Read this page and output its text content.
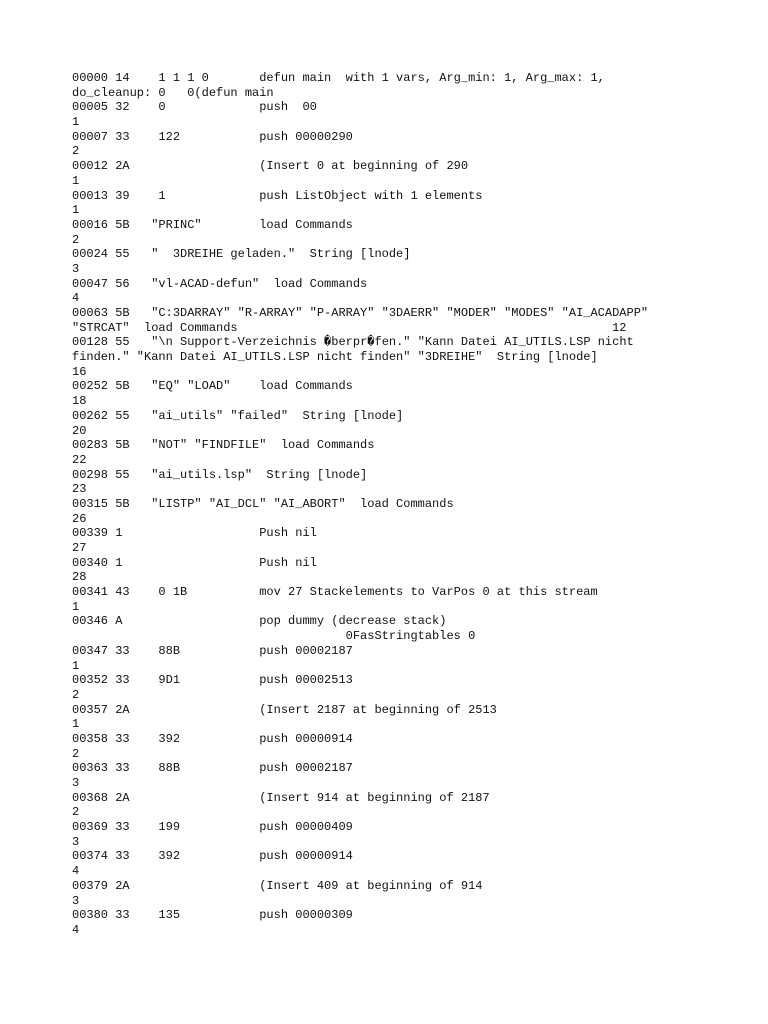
00000 14    1 1 1 0       defun main  with 1 vars, Arg_min: 1, Arg_max: 1,
do_cleanup: 0   0(defun main
00005 32    0             push  00
1
00007 33    122           push 00000290
2
00012 2A                  (Insert 0 at beginning of 290
1
00013 39    1             push ListObject with 1 elements
1
00016 5B   "PRINC"        load Commands
2
00024 55   "  3DREIHE geladen."  String [lnode]
3
00047 56   "vl-ACAD-defun"  load Commands
4
00063 5B   "C:3DARRAY" "R-ARRAY" "P-ARRAY" "3DAERR" "MODER" "MODES" "AI_ACADAPP"
"STRCAT"  load Commands                                                    12
00128 55   "\n Support-Verzeichnis �berpr�fen." "Kann Datei AI_UTILS.LSP nicht
finden." "Kann Datei AI_UTILS.LSP nicht finden" "3DREIHE"  String [lnode]
16
00252 5B   "EQ" "LOAD"    load Commands
18
00262 55   "ai_utils" "failed"  String [lnode]
20
00283 5B   "NOT" "FINDFILE"  load Commands
22
00298 55   "ai_utils.lsp"  String [lnode]
23
00315 5B   "LISTP" "AI_DCL" "AI_ABORT"  load Commands
26
00339 1                   Push nil
27
00340 1                   Push nil
28
00341 43    0 1B          mov 27 Stackelements to VarPos 0 at this stream
1
00346 A                   pop dummy (decrease stack)
0FasStringtables 0
00347 33    88B           push 00002187
1
00352 33    9D1           push 00002513
2
00357 2A                  (Insert 2187 at beginning of 2513
1
00358 33    392           push 00000914
2
00363 33    88B           push 00002187
3
00368 2A                  (Insert 914 at beginning of 2187
2
00369 33    199           push 00000409
3
00374 33    392           push 00000914
4
00379 2A                  (Insert 409 at beginning of 914
3
00380 33    135           push 00000309
4
